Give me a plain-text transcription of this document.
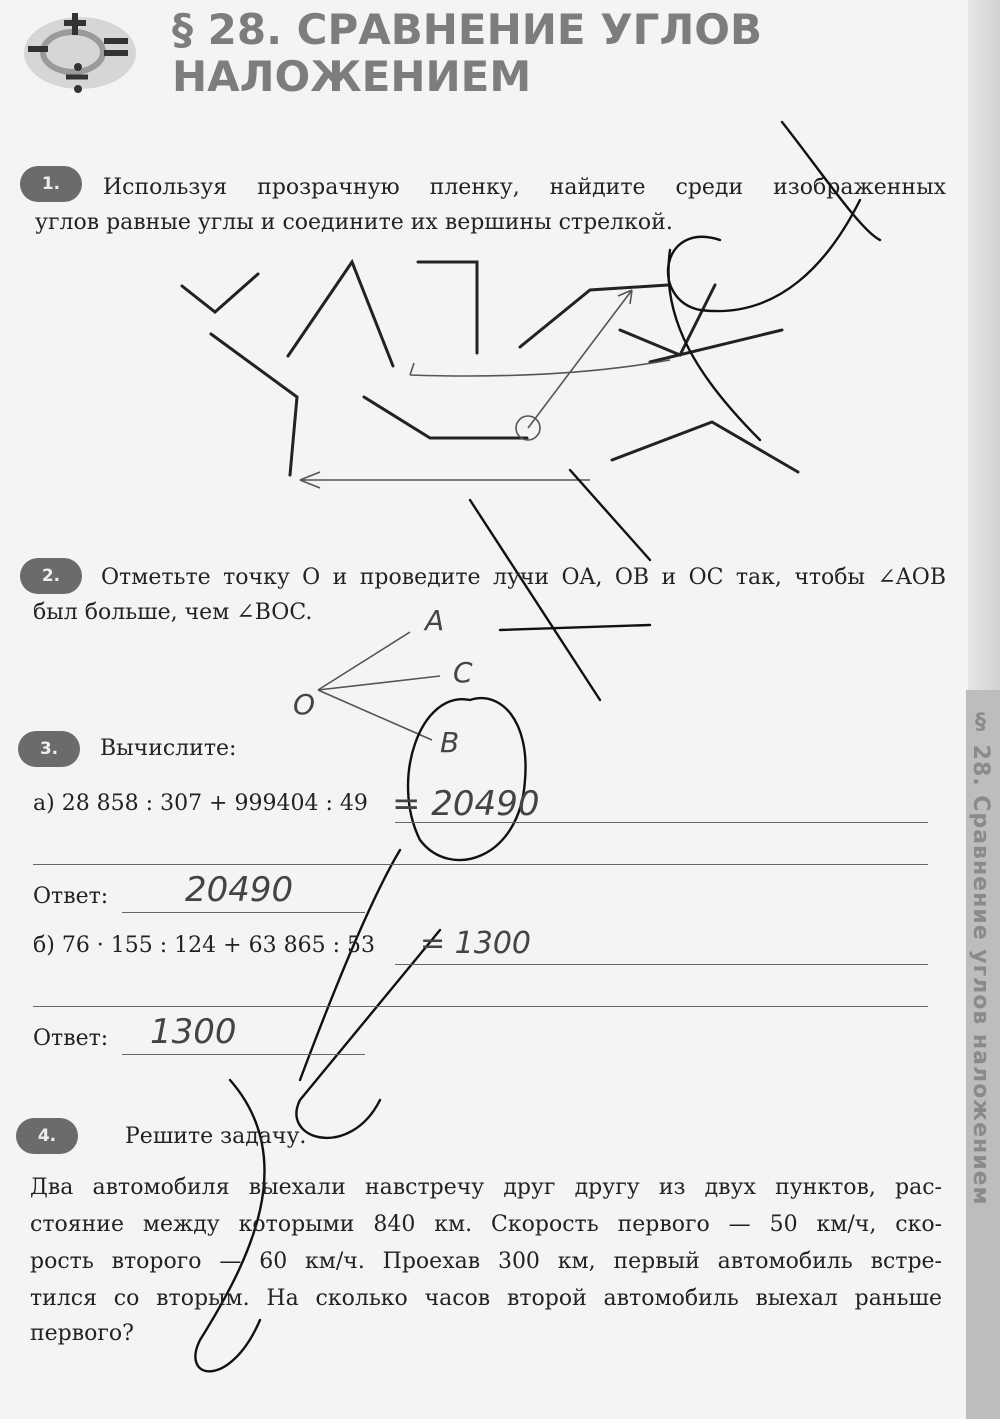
§ 28. Сравнение углов наложением
§ 28. СРАВНЕНИЕ УГЛОВ
НАЛОЖЕНИЕМ
1.	Используя прозрачную пленку, найдите среди изображенных

углов равные углы и соедините их вершины стрелкой.

2.	Отметьте точку O и проведите лучи OA, OB и OC так, чтобы ∠AOB

был больше, чем ∠BOC.

O
A
C
B
3.	Вычислите:

а) 28 858 : 307 + 999404 : 49 = 20490

Ответ: 20490

б) 76 · 155 : 124 + 63 865 : 53 = 1300

Ответ: 1300
4.	Решите задачу.

Два автомобиля выехали навстречу друг другу из двух пунктов, рас-

стояние между которыми 840 км. Скорость первого — 50 км/ч, ско-

рость второго — 60 км/ч. Проехав 300 км, первый автомобиль встре-

тился со вторым. На сколько часов второй автомобиль выехал раньше

первого?
